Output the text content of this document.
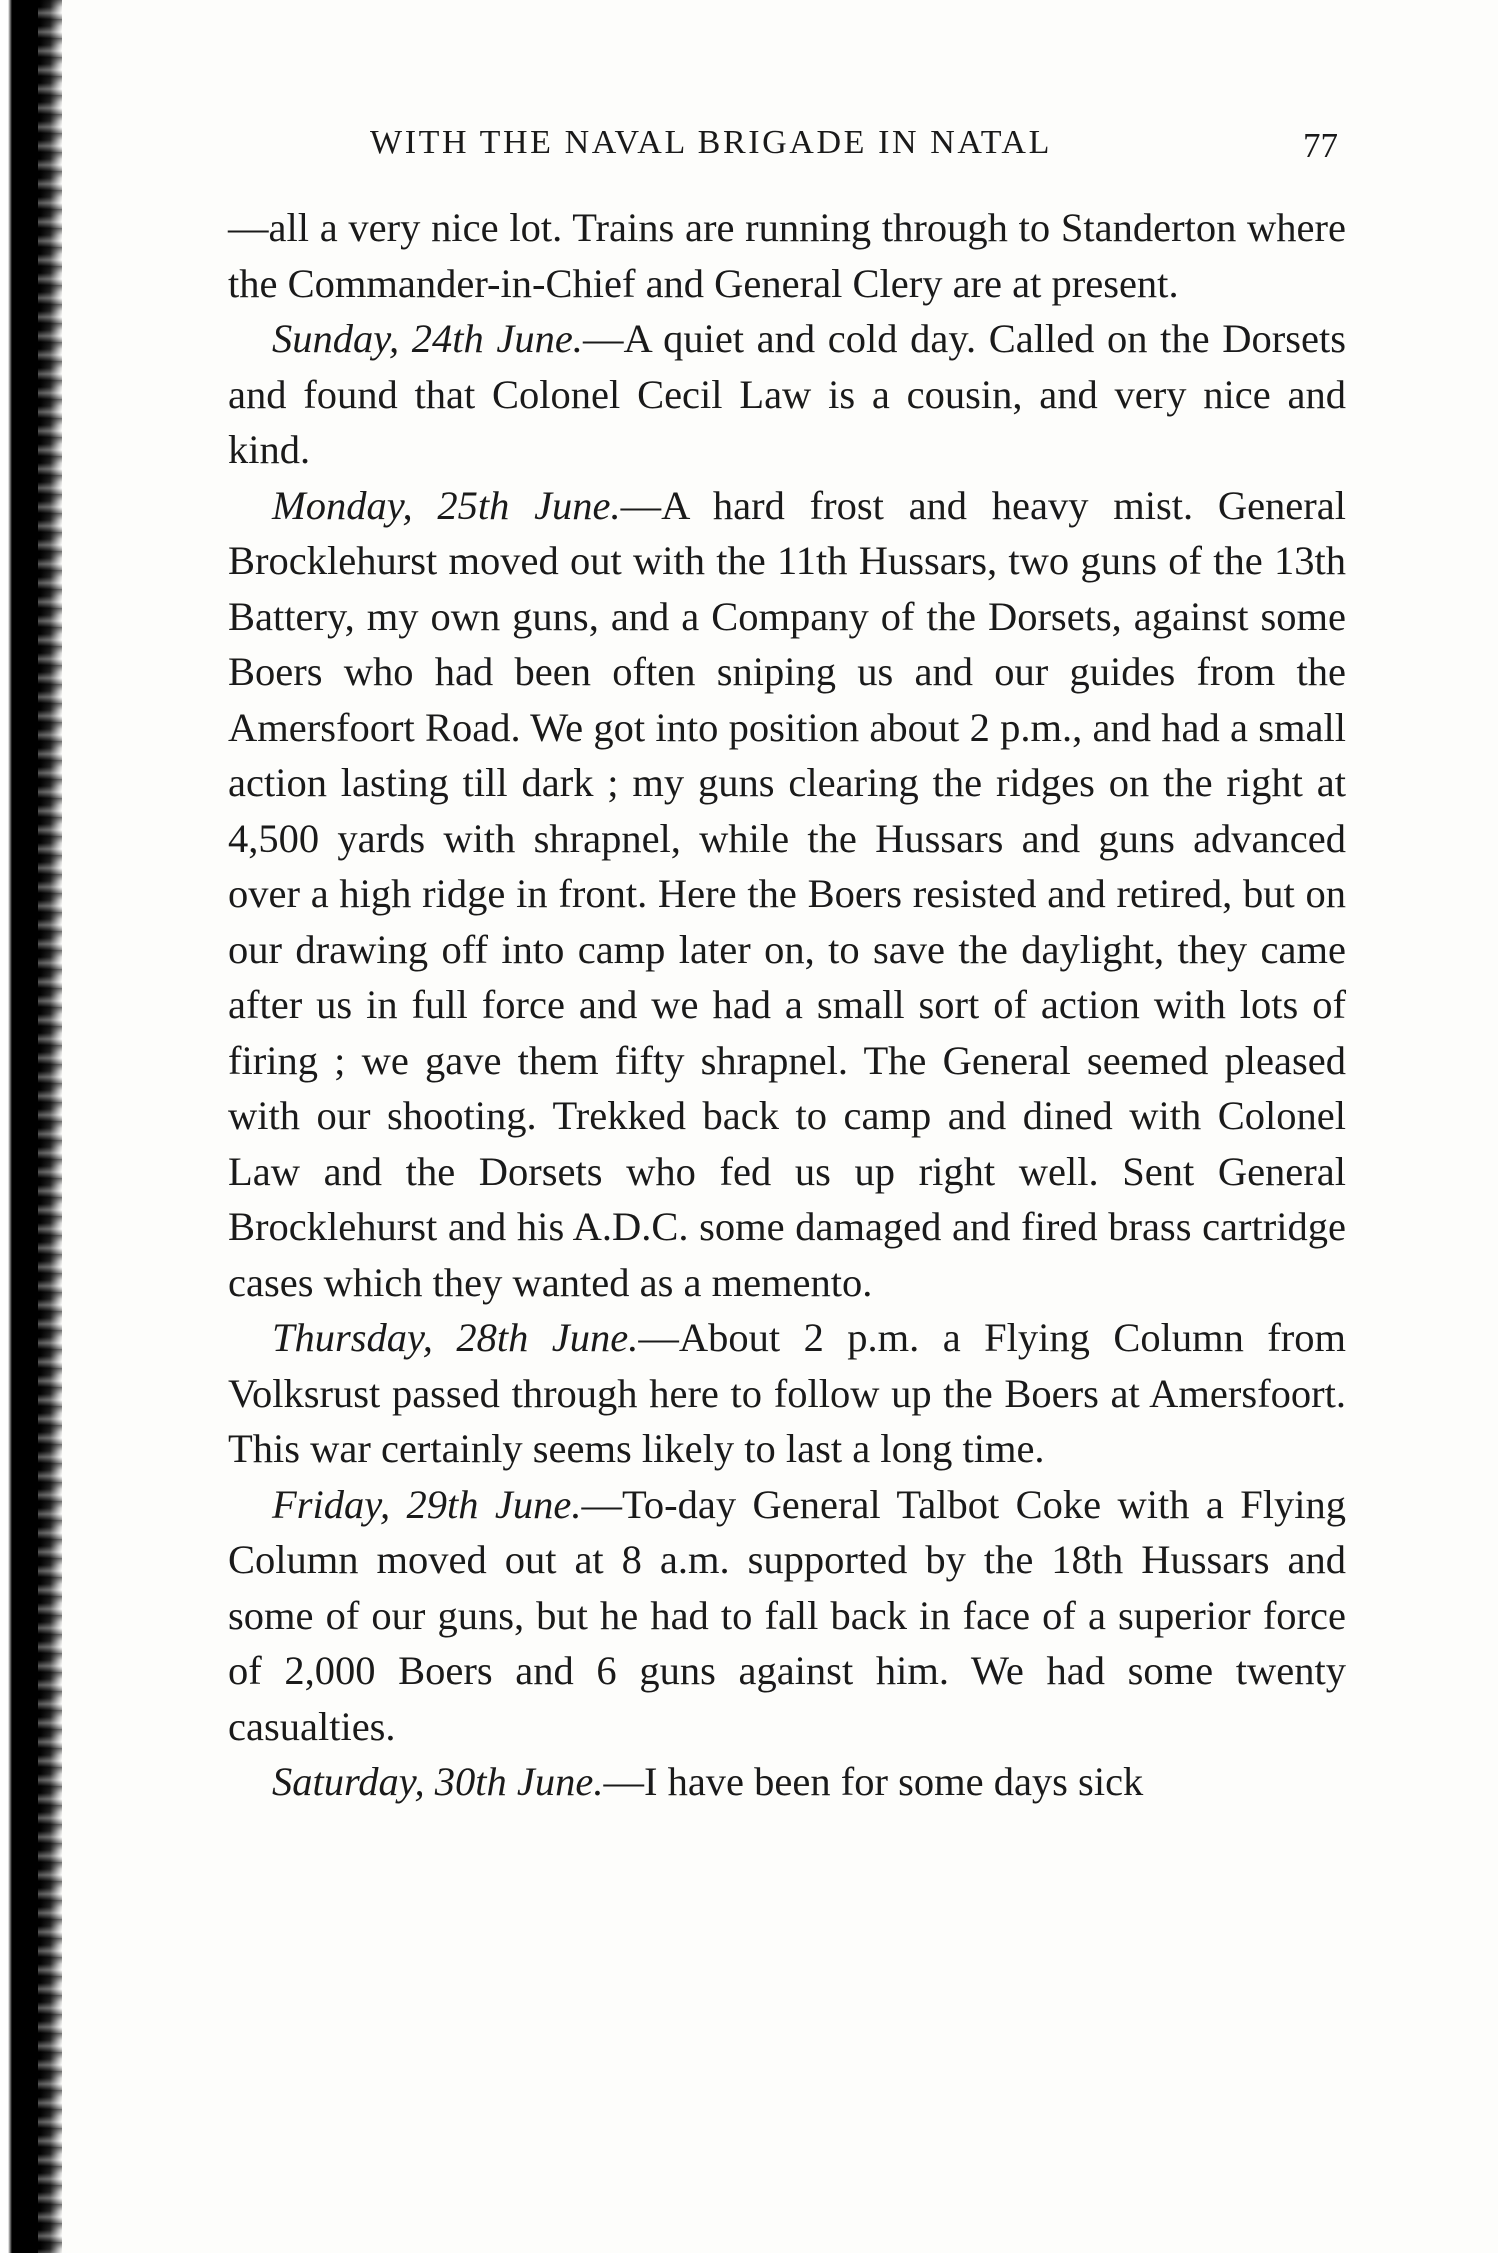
WITH THE NAVAL BRIGADE IN NATAL	77

—all a very nice lot. Trains are running through to Standerton where the Commander-in-Chief and General Clery are at present.

Sunday, 24th June.—A quiet and cold day. Called on the Dorsets and found that Colonel Cecil Law is a cousin, and very nice and kind.

Monday, 25th June.—A hard frost and heavy mist. General Brocklehurst moved out with the 11th Hussars, two guns of the 13th Battery, my own guns, and a Company of the Dorsets, against some Boers who had been often sniping us and our guides from the Amersfoort Road. We got into position about 2 p.m., and had a small action lasting till dark ; my guns clearing the ridges on the right at 4,500 yards with shrapnel, while the Hussars and guns advanced over a high ridge in front. Here the Boers resisted and retired, but on our drawing off into camp later on, to save the daylight, they came after us in full force and we had a small sort of action with lots of firing ; we gave them fifty shrapnel. The General seemed pleased with our shooting. Trekked back to camp and dined with Colonel Law and the Dorsets who fed us up right well. Sent General Brocklehurst and his A.D.C. some damaged and fired brass cartridge cases which they wanted as a memento.

Thursday, 28th June.—About 2 p.m. a Flying Column from Volksrust passed through here to follow up the Boers at Amersfoort. This war certainly seems likely to last a long time.

Friday, 29th June.—To-day General Talbot Coke with a Flying Column moved out at 8 a.m. supported by the 18th Hussars and some of our guns, but he had to fall back in face of a superior force of 2,000 Boers and 6 guns against him. We had some twenty casualties.

Saturday, 30th June.—I have been for some days sick
